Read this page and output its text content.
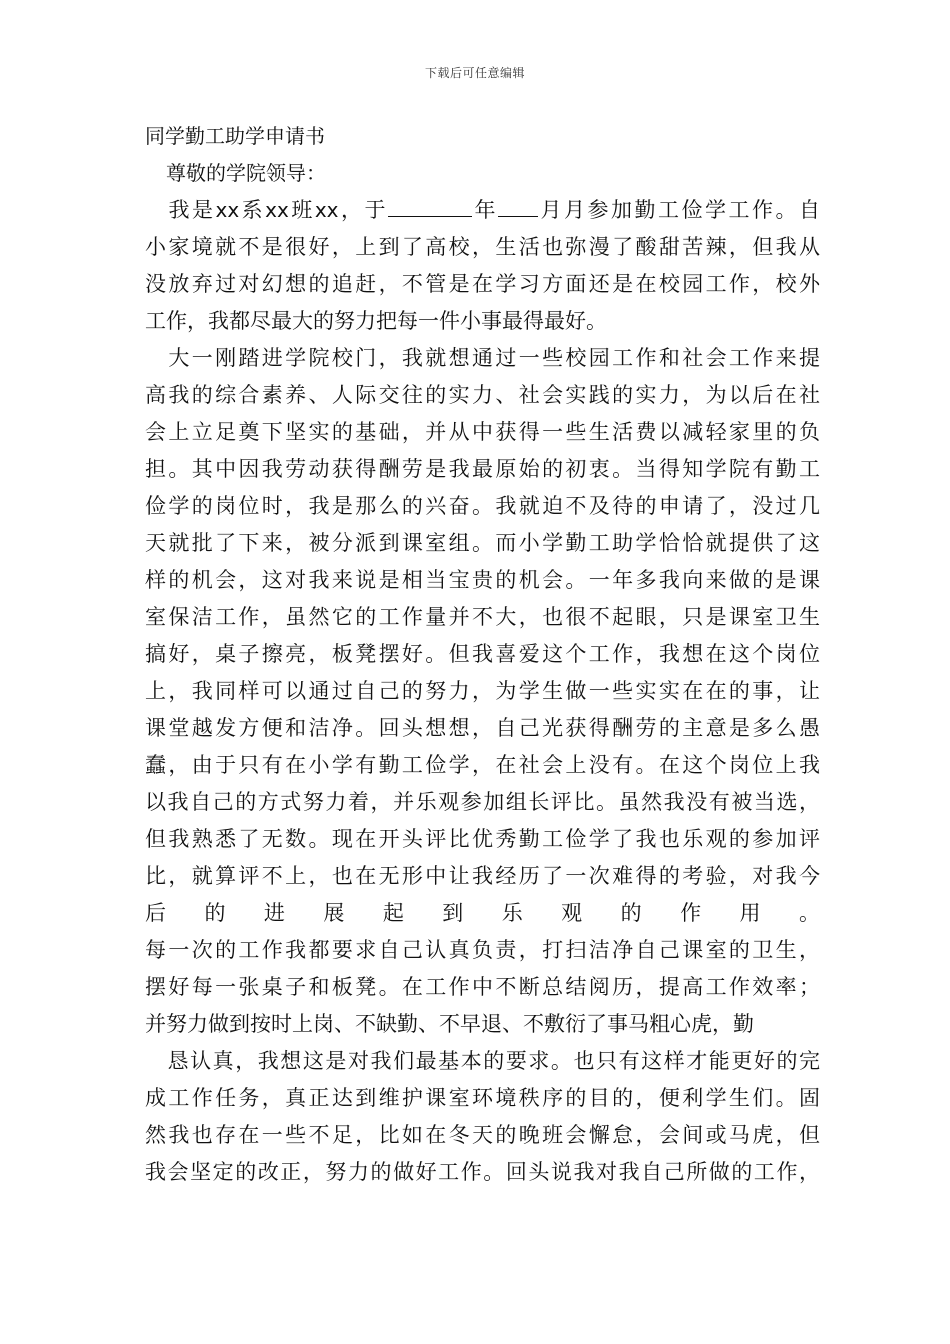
下载后可任意编辑
同学勤工助学申请书
尊敬的学院领导：
我是xx系xx班xx，于	年 月月参加勤工俭学工作。自
小家境就不是很好，上到了高校，生活也弥漫了酸甜苦辣，但我从
没放弃过对幻想的追赶，不管是在学习方面还是在校园工作，校外
工作，我都尽最大的努力把每一件小事最得最好。
大一刚踏进学院校门，我就想通过一些校园工作和社会工作来提
高我的综合素养、人际交往的实力、社会实践的实力，为以后在社
会上立足奠下坚实的基础，并从中获得一些生活费以减轻家里的负
担。其中因我劳动获得酬劳是我最原始的初衷。当得知学院有勤工
俭学的岗位时，我是那么的兴奋。我就迫不及待的申请了，没过几
天就批了下来，被分派到课室组。而小学勤工助学恰恰就提供了这
样的机会，这对我来说是相当宝贵的机会。一年多我向来做的是课
室保洁工作，虽然它的工作量并不大，也很不起眼，只是课室卫生
搞好，桌子擦亮，板凳摆好。但我喜爱这个工作，我想在这个岗位
上，我同样可以通过自己的努力，为学生做一些实实在在的事，让
课堂越发方便和洁净。回头想想，自己光获得酬劳的主意是多么愚
蠢，由于只有在小学有勤工俭学，在社会上没有。在这个岗位上我
以我自己的方式努力着，并乐观参加组长评比。虽然我没有被当选，
但我熟悉了无数。现在开头评比优秀勤工俭学了我也乐观的参加评
比，就算评不上，也在无形中让我经历了一次难得的考验，对我今
后的进展起到乐观的作用。
每一次的工作我都要求自己认真负责，打扫洁净自己课室的卫生，
摆好每一张桌子和板凳。在工作中不断总结阅历，提高工作效率；
并努力做到按时上岗、不缺勤、不早退、不敷衍了事马粗心虎，勤
恳认真，我想这是对我们最基本的要求。也只有这样才能更好的完
成工作任务，真正达到维护课室环境秩序的目的，便利学生们。固
然我也存在一些不足，比如在冬天的晚班会懈怠，会间或马虎，但
我会坚定的改正，努力的做好工作。回头说我对我自己所做的工作，
